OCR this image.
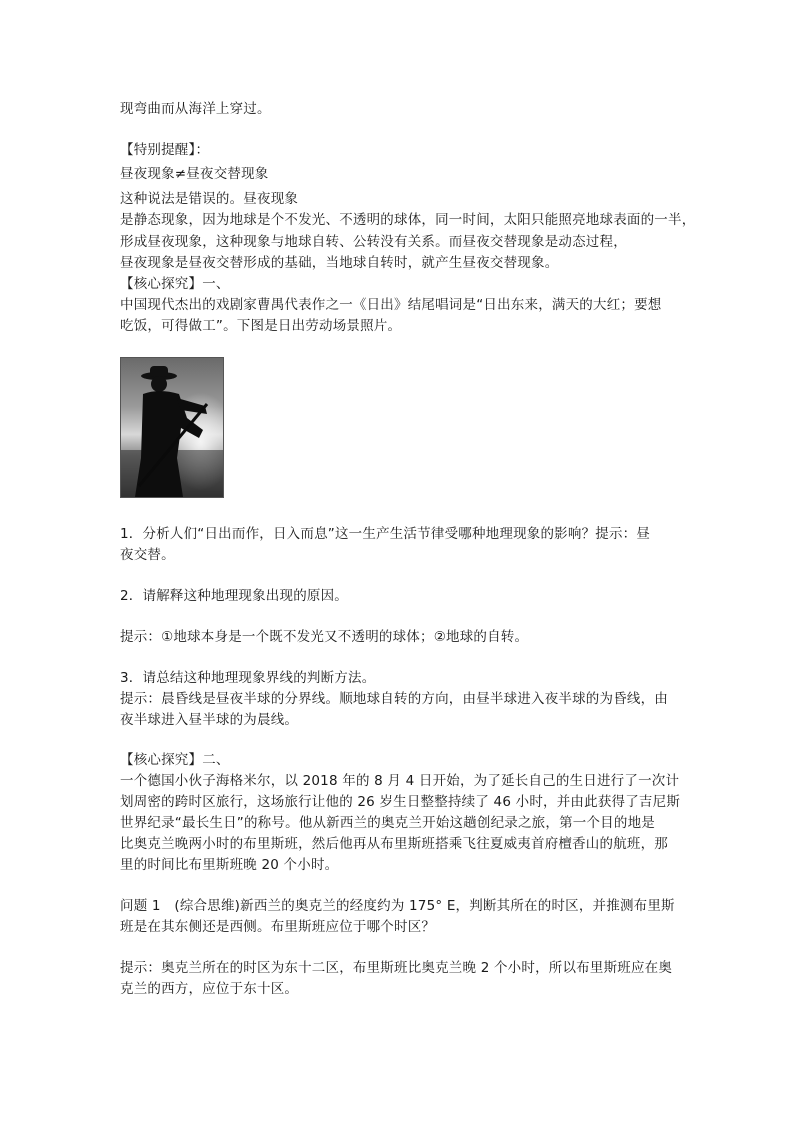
现弯曲而从海洋上穿过。
【特别提醒】：
昼夜现象≠昼夜交替现象
这种说法是错误的。昼夜现象
是静态现象，因为地球是个不发光、不透明的球体，同一时间，太阳只能照亮地球表面的一半，
形成昼夜现象，这种现象与地球自转、公转没有关系。而昼夜交替现象是动态过程，
昼夜现象是昼夜交替形成的基础，当地球自转时，就产生昼夜交替现象。
【核心探究】一、
中国现代杰出的戏剧家曹禺代表作之一《日出》结尾唱词是“日出东来，满天的大红；要想
吃饭，可得做工”。下图是日出劳动场景照片。
1．分析人们“日出而作，日入而息”这一生产生活节律受哪种地理现象的影响？提示：昼
夜交替。
2．请解释这种地理现象出现的原因。
提示：①地球本身是一个既不发光又不透明的球体；②地球的自转。
3．请总结这种地理现象界线的判断方法。
提示：晨昏线是昼夜半球的分界线。顺地球自转的方向，由昼半球进入夜半球的为昏线，由
夜半球进入昼半球的为晨线。
【核心探究】二、
一个德国小伙子海格米尔，以 2018 年的 8 月 4 日开始，为了延长自己的生日进行了一次计
划周密的跨时区旅行，这场旅行让他的 26 岁生日整整持续了 46 小时，并由此获得了吉尼斯
世界纪录“最长生日”的称号。他从新西兰的奥克兰开始这趟创纪录之旅，第一个目的地是
比奥克兰晚两小时的布里斯班，然后他再从布里斯班搭乘飞往夏威夷首府檀香山的航班，那
里的时间比布里斯班晚 20 个小时。
问题 1　(综合思维)新西兰的奥克兰的经度约为 175° E，判断其所在的时区，并推测布里斯
班是在其东侧还是西侧。布里斯班应位于哪个时区？
提示：奥克兰所在的时区为东十二区，布里斯班比奥克兰晚 2 个小时，所以布里斯班应在奥
克兰的西方，应位于东十区。
